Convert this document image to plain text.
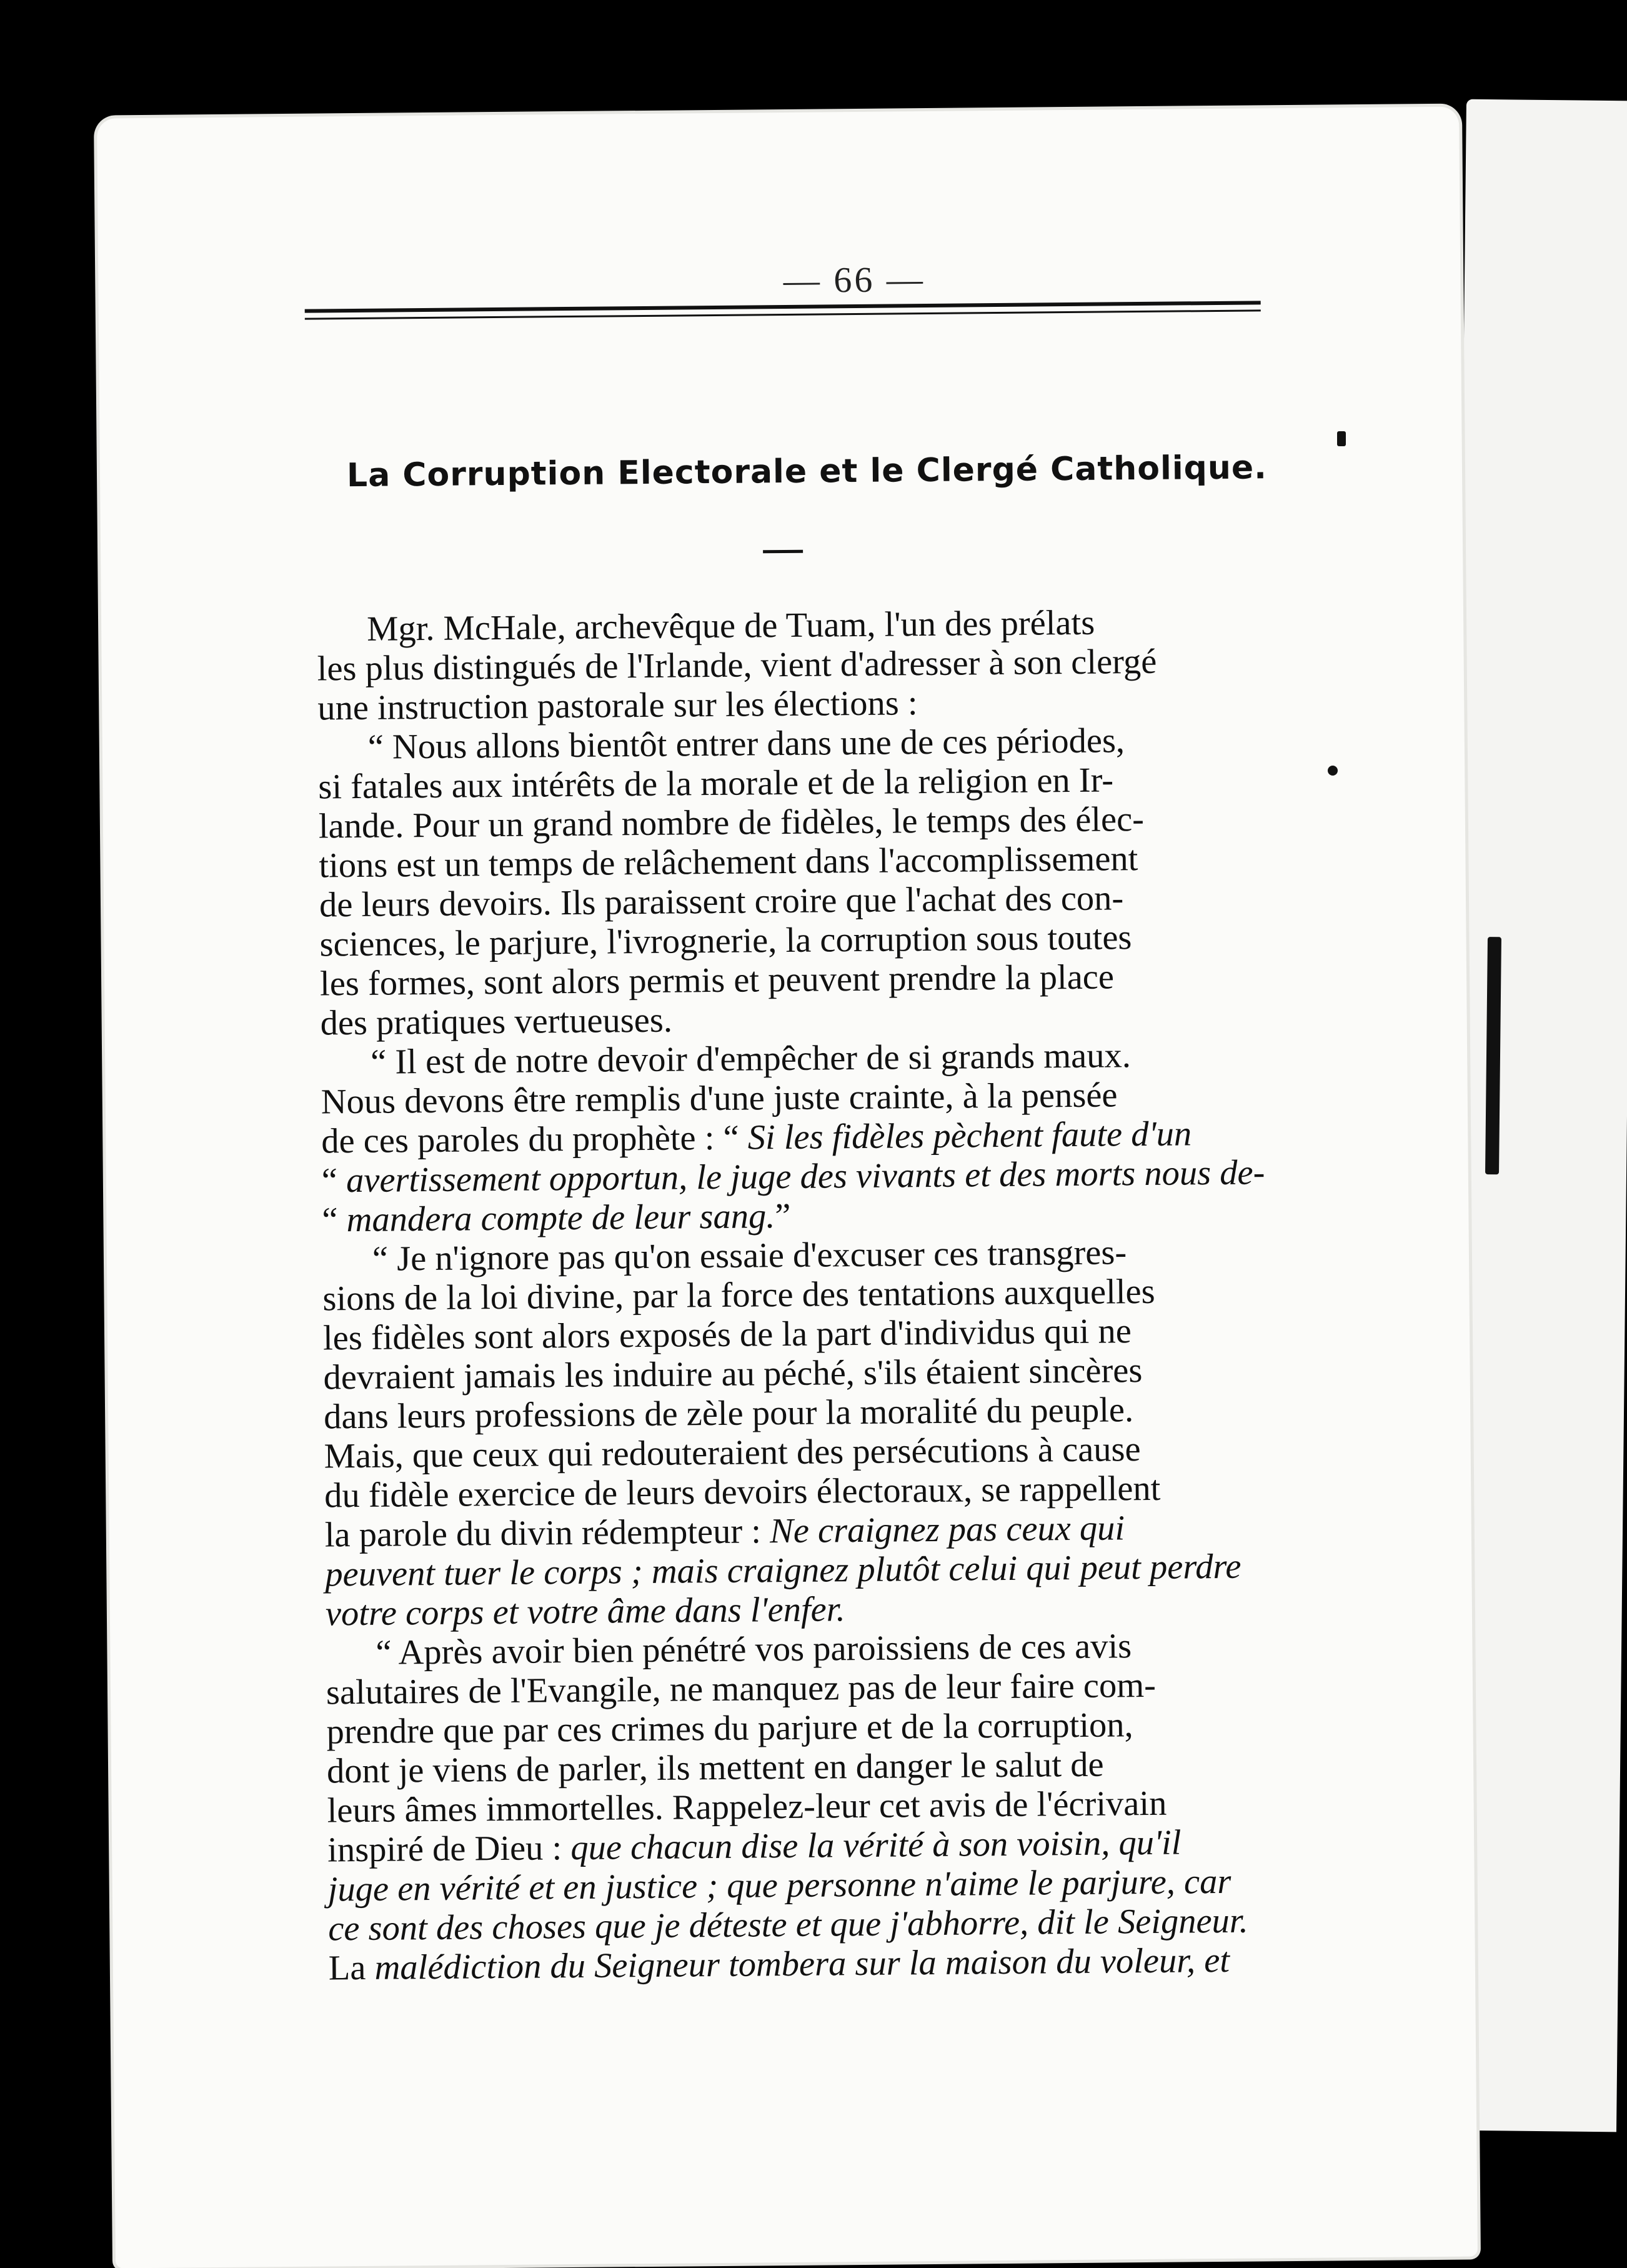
— 66 —
La Corruption Electorale et le Clergé Catholique.
Mgr. McHale, archevêque de Tuam, l'un des prélats
les plus distingués de l'Irlande, vient d'adresser à son clergé
une instruction pastorale sur les élections :
“ Nous allons bientôt entrer dans une de ces périodes,
si fatales aux intérêts de la morale et de la religion en Ir-
lande. Pour un grand nombre de fidèles, le temps des élec-
tions est un temps de relâchement dans l'accomplissement
de leurs devoirs. Ils paraissent croire que l'achat des con-
sciences, le parjure, l'ivrognerie, la corruption sous toutes
les formes, sont alors permis et peuvent prendre la place
des pratiques vertueuses.
“ Il est de notre devoir d'empêcher de si grands maux.
Nous devons être remplis d'une juste crainte, à la pensée
de ces paroles du prophète : “ Si les fidèles pèchent faute d'un
“ avertissement opportun, le juge des vivants et des morts nous de-
“ mandera compte de leur sang.”
“ Je n'ignore pas qu'on essaie d'excuser ces transgres-
sions de la loi divine, par la force des tentations auxquelles
les fidèles sont alors exposés de la part d'individus qui ne
devraient jamais les induire au péché, s'ils étaient sincères
dans leurs professions de zèle pour la moralité du peuple.
Mais, que ceux qui redouteraient des persécutions à cause
du fidèle exercice de leurs devoirs électoraux, se rappellent
la parole du divin rédempteur : Ne craignez pas ceux qui
peuvent tuer le corps ; mais craignez plutôt celui qui peut perdre
votre corps et votre âme dans l'enfer.
“ Après avoir bien pénétré vos paroissiens de ces avis
salutaires de l'Evangile, ne manquez pas de leur faire com-
prendre que par ces crimes du parjure et de la corruption,
dont je viens de parler, ils mettent en danger le salut de
leurs âmes immortelles. Rappelez-leur cet avis de l'écrivain
inspiré de Dieu : que chacun dise la vérité à son voisin, qu'il
juge en vérité et en justice ; que personne n'aime le parjure, car
ce sont des choses que je déteste et que j'abhorre, dit le Seigneur.
La malédiction du Seigneur tombera sur la maison du voleur, et
